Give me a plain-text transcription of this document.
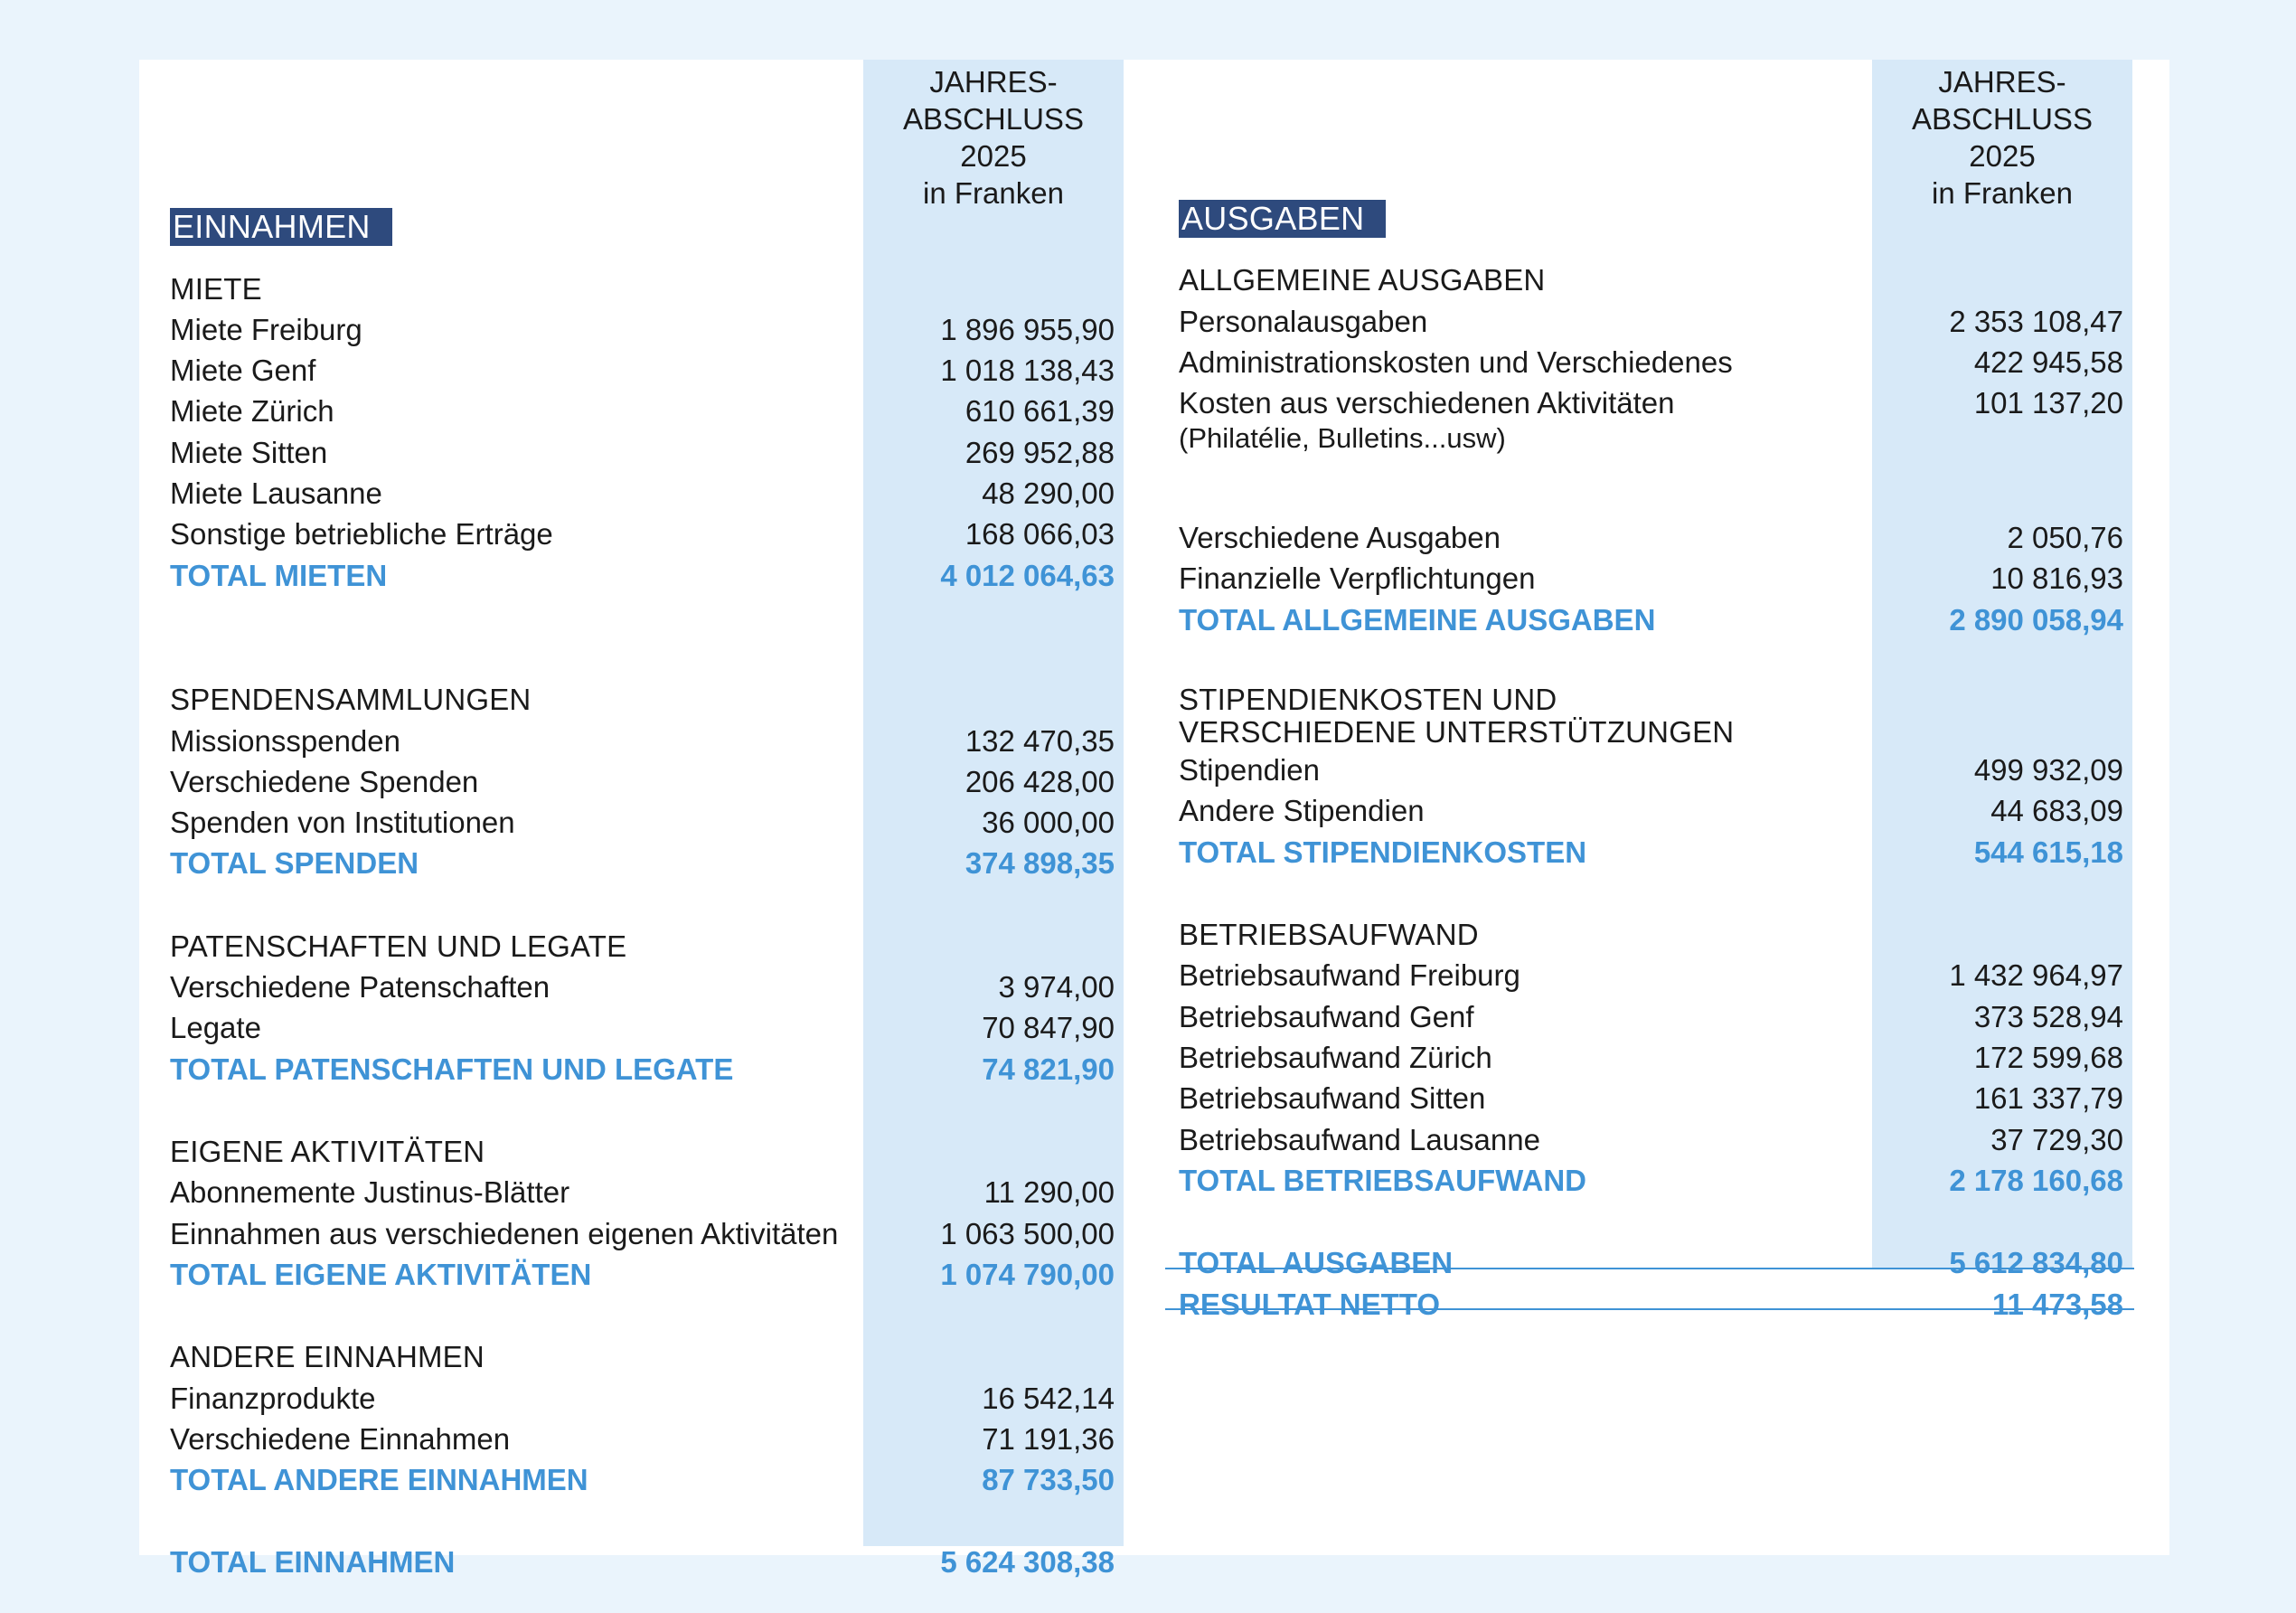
JAHRES-
ABSCHLUSS
2025
in Franken
JAHRES-
ABSCHLUSS
2025
in Franken
EINNAHMEN	AUSGABEN
MIETE
Miete Freiburg	1 896 955,90
Miete Genf	1 018 138,43
Miete Zürich	610 661,39
Miete Sitten	269 952,88
Miete Lausanne	48 290,00
Sonstige betriebliche Erträge	168 066,03
TOTAL MIETEN	4 012 064,63
SPENDENSAMMLUNGEN
Missionsspenden	132 470,35
Verschiedene Spenden	206 428,00
Spenden von Institutionen	36 000,00
TOTAL SPENDEN	374 898,35
PATENSCHAFTEN UND LEGATE
Verschiedene Patenschaften	3 974,00
Legate	70 847,90
TOTAL PATENSCHAFTEN UND LEGATE	74 821,90
EIGENE AKTIVITÄTEN
Abonnemente Justinus-Blätter	11 290,00
Einnahmen aus verschiedenen eigenen Aktivitäten	1 063 500,00
TOTAL EIGENE AKTIVITÄTEN	1 074 790,00
ANDERE EINNAHMEN
Finanzprodukte	16 542,14
Verschiedene Einnahmen	71 191,36
TOTAL ANDERE EINNAHMEN	87 733,50
TOTAL EINNAHMEN	5 624 308,38
ALLGEMEINE AUSGABEN
Personalausgaben	2 353 108,47
Administrationskosten und Verschiedenes	422 945,58
Kosten aus verschiedenen Aktivitäten
(Philatélie, Bulletins...usw)
101 137,20
Verschiedene Ausgaben	2 050,76
Finanzielle Verpflichtungen	10 816,93
TOTAL ALLGEMEINE AUSGABEN	2 890 058,94
STIPENDIENKOSTEN UND
VERSCHIEDENE UNTERSTÜTZUNGEN
Stipendien	499 932,09
Andere Stipendien	44 683,09
TOTAL STIPENDIENKOSTEN	544 615,18
BETRIEBSAUFWAND
Betriebsaufwand Freiburg	1 432 964,97
Betriebsaufwand Genf	373 528,94
Betriebsaufwand Zürich	172 599,68
Betriebsaufwand Sitten	161 337,79
Betriebsaufwand Lausanne	37 729,30
TOTAL BETRIEBSAUFWAND	2 178 160,68
TOTAL AUSGABEN	5 612 834,80
RESULTAT NETTO	11 473,58
